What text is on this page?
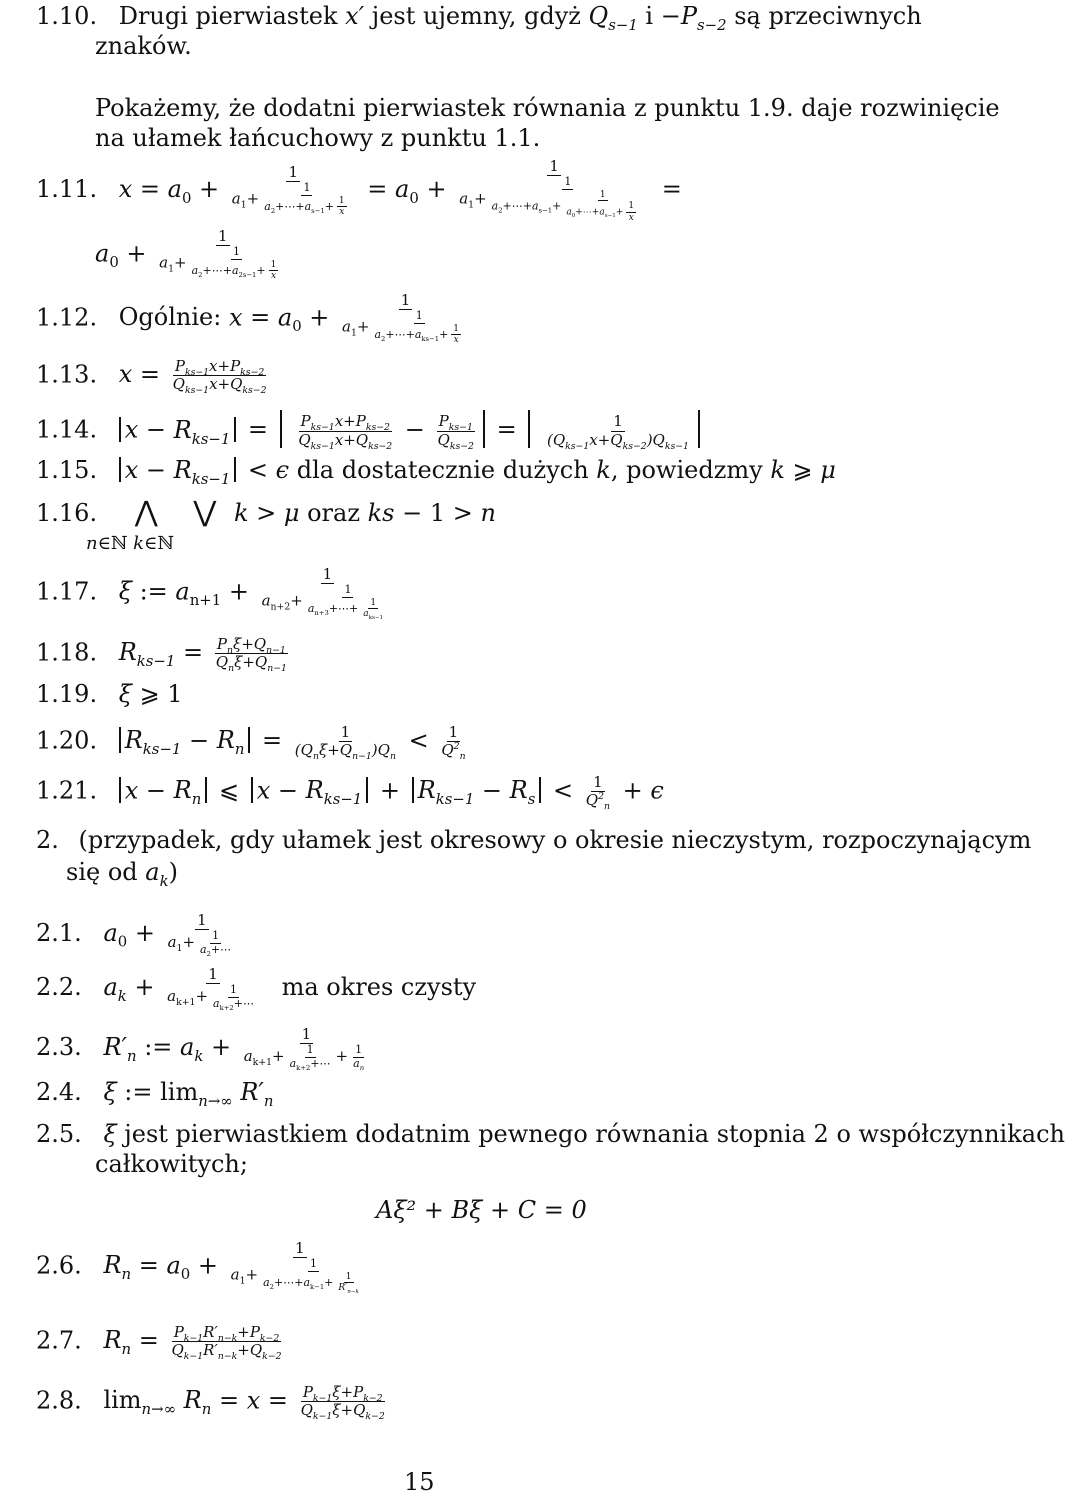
1.10. Drugi pierwiastek x′ jest ujemny, gdyż $Q_{s-1}$ $i -P_{s-2}$ są przeciwnych
znaków.
Pokażemy, że dodatni pierwiastek równania z punktu 1.9. daje rozwinięcie
na ułamek łańcuchowy z punktu 1.1.
1.11. $x = a_0 + \frac{1}{a_1+ \frac{1}{a_2+\cdots+a_{s-1}+ \frac{1}{x}}} = a_0 + \frac{1}{a_1+ \frac{1}{a_2+\cdots+a_{s-1}+ \frac{1}{a_0+\cdots+a_{s-1}+ \frac{1}{x}}}}$ =
$a_0 + \frac{1}{a_1+ \frac{1}{a_2+\cdots+a_{2s-1}+ \frac{1}{x}}}$
1.12. Ogólnie: $x = a_0$ +
1
$a_1+$
1
$a_2+\cdots+a_{ks-1}+ \frac{1}{x}$
1.13. $x = P_{ks-1}x+P_{ks-2}$
$Q_{ks-1}x+Q_{ks-2}$
1.14. $x - R_{ks-1} = P_{ks-1}x+P_{ks-2}$
$Q_{ks-1}x+Q_{ks-2}$
− $P_{ks-1}$
$Q_{ks-2}$
=	1
$(Q_{ks-1}x+Q_{ks-2})Q_{ks-1}$
1.15. $x - R_{ks-1} < \epsilon$ dla dostatecznie dużych k, powiedzmy k ⩾ μ
1.16. ⋀ ⋁ k > μ oraz ks − 1 > n
n∈ℕ k∈ℕ
1.17. ξ := $a_{n+1}$ +
1
$a_{n+2}+$
1
$a_{n+3}+\cdots+ 1$
$a_{ks-1}$
1.18. $R_{ks-1} = P_n\xi+Q_{n-1}$
$Q_n\xi+Q_{n-1}$
1.19. ξ ⩾ 1
1.20. $R_{ks-1} - R_n$ =	1
$(Q_n\xi+Q_{n-1})Q_n$
< $\frac{1}{Q^2_n}$
1.21. $x - R_n$ ⩽ $x - R_{ks-1} + R_{ks-1} - R_s < \frac{1}{Q^2_n} + \epsilon$
2. (przypadek, gdy ułamek jest okresowy o okresie nieczystym, rozpoczynającym
się od $a_k$)
2.1. $a_0 + \frac{1}{a_1+ \frac{1}{a_2+\cdots}}$
2.2. $a_k + \frac{1}{a_{k+1}+ \frac{1}{a_{k+2}+\cdots}}$ ma okres czysty
2.3. $R'_n$ := $a_k + \frac{1}{a_{k+1}+ \frac{1}{a_{k+2}+\cdots} + \frac{1}{a_n}}$
2.4. ξ := $\lim_{n\to\infty} R'_n$
2.5. ξ jest pierwiastkiem dodatnim pewnego równania stopnia 2 o współczynnikach
całkowitych;
Aξ² + Bξ + C = 0
2.6. $R_n = a_0 + \frac{1}{a_1+ \frac{1}{a_2+\cdots+a_{k-1}+ \frac{1}{R'_{n-k}}}}$
2.7. $R_n = \frac{P_{k-1}R'_{n-k}+P_{k-2}}{Q_{k-1}R'_{n-k}+Q_{k-2}}$
2.8. $\lim_{n\to\infty} R_n = x = \frac{P_{k-1}\xi+P_{k-2}}{Q_{k-1}\xi+Q_{k-2}}$
15
